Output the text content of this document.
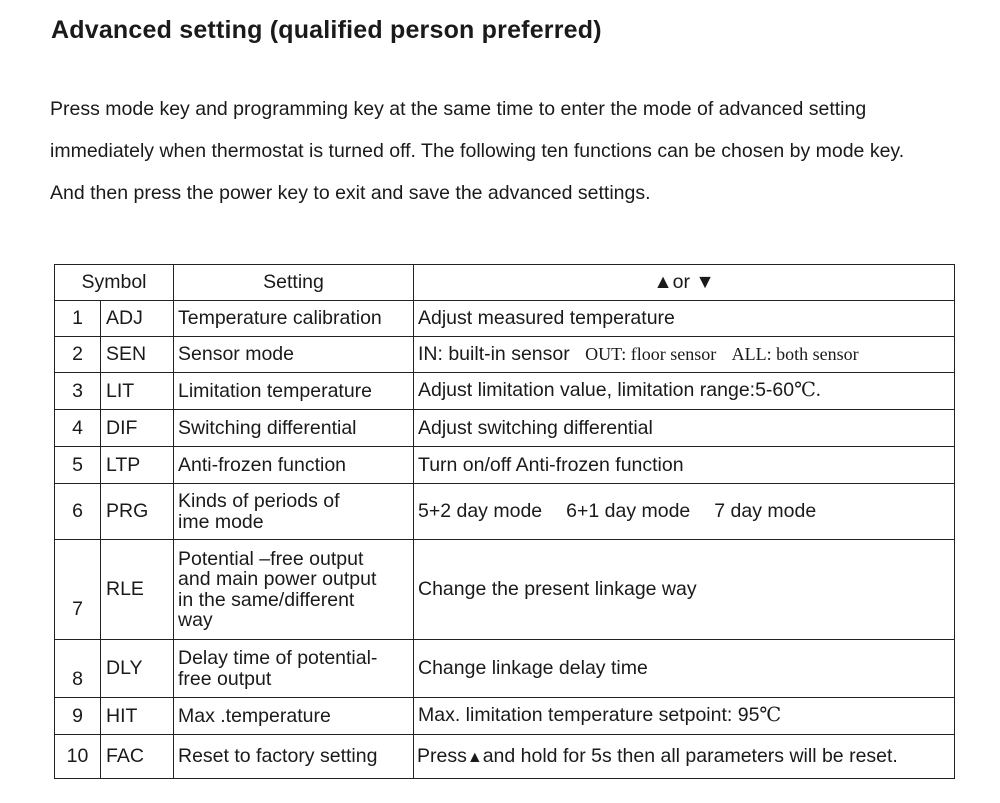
Advanced setting (qualified person preferred)

Press mode key and programming key at the same time to enter the mode of advanced setting

immediately when thermostat is turned off. The following ten functions can be chosen by mode key.

And then press the power key to exit and save the advanced settings.

Symbol		Setting	▲or ▼
1	ADJ	Temperature calibration	Adjust measured temperature
2	SEN	Sensor mode	IN: built-in sensor OUT: floor sensor ALL: both sensor
3	LIT	Limitation temperature	Adjust limitation value, limitation range:5-60℃.
4	DIF	Switching differential	Adjust switching differential
5	LTP	Anti-frozen function	Turn on/off Anti-frozen function
6	PRG	Kinds of periods of
ime mode	5+2 day mode 6+1 day mode 7 day mode
7	RLE	Potential –free output
and main power output
in the same/different
way	Change the present linkage way
8	DLY	Delay time of potential-
free output	Change linkage delay time
9	HIT	Max .temperature	Max. limitation temperature setpoint: 95℃
10	FAC	Reset to factory setting	Press▲and hold for 5s then all parameters will be reset.
